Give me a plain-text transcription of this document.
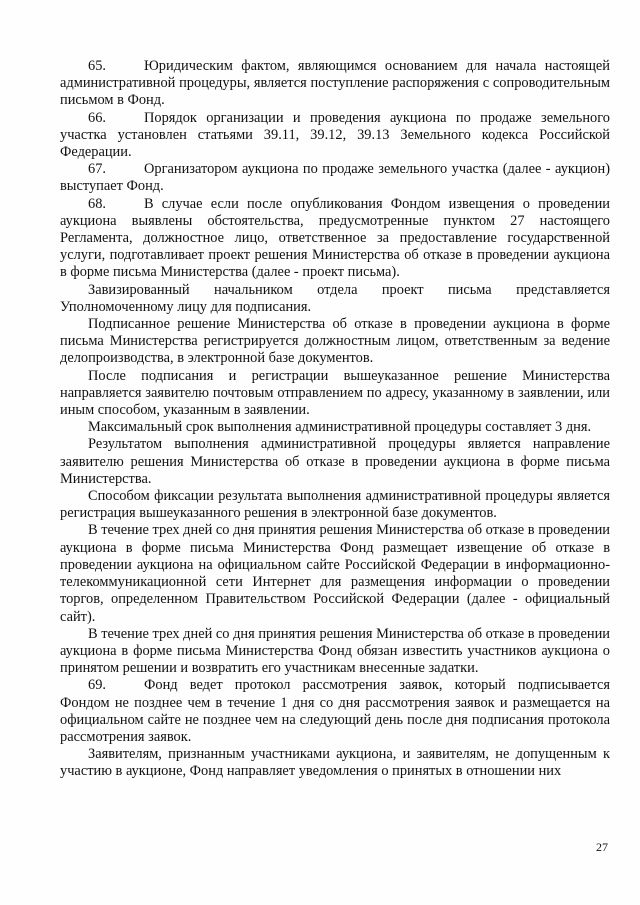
65.	Юридическим фактом, являющимся основанием для начала настоящей административной процедуры, является поступление распоряжения с сопроводительным письмом в Фонд.

66.	Порядок организации и проведения аукциона по продаже земельного участка установлен статьями 39.11, 39.12, 39.13 Земельного кодекса Российской Федерации.

67.	Организатором аукциона по продаже земельного участка (далее - аукцион) выступает Фонд.

68.	В случае если после опубликования Фондом извещения о проведении аукциона выявлены обстоятельства, предусмотренные пунктом 27 настоящего Регламента, должностное лицо, ответственное за предоставление государственной услуги, подготавливает проект решения Министерства об отказе в проведении аукциона в форме письма Министерства (далее - проект письма).

Завизированный начальником отдела проект письма представляется Уполномоченному лицу для подписания.

Подписанное решение Министерства об отказе в проведении аукциона в форме письма Министерства регистрируется должностным лицом, ответственным за ведение делопроизводства, в электронной базе документов.

После подписания и регистрации вышеуказанное решение Министерства направляется заявителю почтовым отправлением по адресу, указанному в заявлении, или иным способом, указанным в заявлении.

Максимальный срок выполнения административной процедуры составляет 3 дня.

Результатом выполнения административной процедуры является направление заявителю решения Министерства об отказе в проведении аукциона в форме письма Министерства.

Способом фиксации результата выполнения административной процедуры является регистрация вышеуказанного решения в электронной базе документов.

В течение трех дней со дня принятия решения Министерства об отказе в проведении аукциона в форме письма Министерства Фонд размещает извещение об отказе в проведении аукциона на официальном сайте Российской Федерации в информационно-телекоммуникационной сети Интернет для размещения информации о проведении торгов, определенном Правительством Российской Федерации (далее - официальный сайт).

В течение трех дней со дня принятия решения Министерства об отказе в проведении аукциона в форме письма Министерства Фонд обязан известить участников аукциона о принятом решении и возвратить его участникам внесенные задатки.

69.	Фонд ведет протокол рассмотрения заявок, который подписывается Фондом не позднее чем в течение 1 дня со дня рассмотрения заявок и размещается на официальном сайте не позднее чем на следующий день после дня подписания протокола рассмотрения заявок.

Заявителям, признанным участниками аукциона, и заявителям, не допущенным к участию в аукционе, Фонд направляет уведомления о принятых в отношении них

27
